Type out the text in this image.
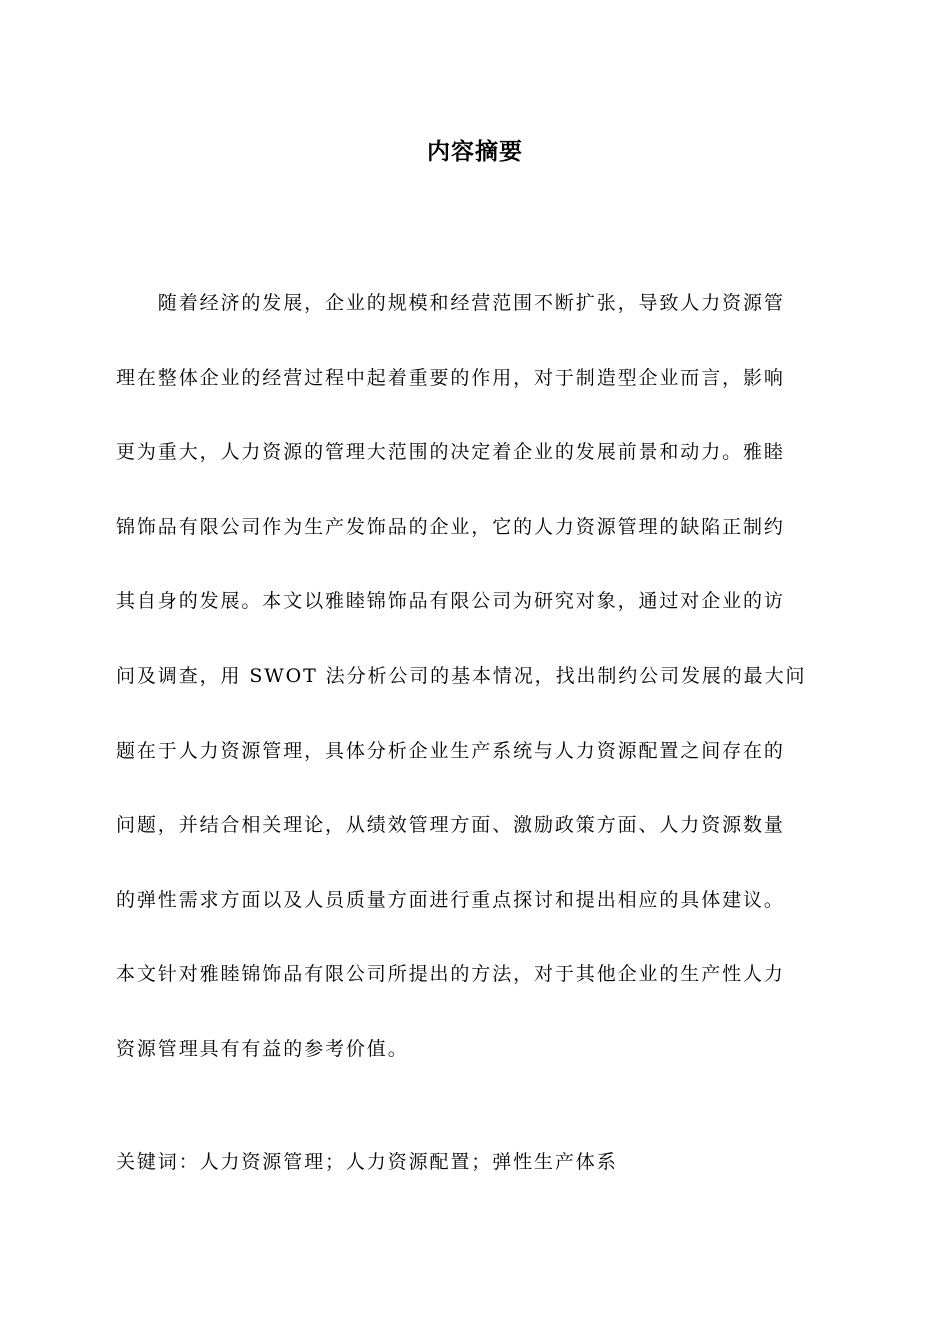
内容摘要
　　随着经济的发展，企业的规模和经营范围不断扩张，导致人力资源管
理在整体企业的经营过程中起着重要的作用，对于制造型企业而言，影响
更为重大，人力资源的管理大范围的决定着企业的发展前景和动力。雅睦
锦饰品有限公司作为生产发饰品的企业，它的人力资源管理的缺陷正制约
其自身的发展。本文以雅睦锦饰品有限公司为研究对象，通过对企业的访
问及调查，用 SWOT 法分析公司的基本情况，找出制约公司发展的最大问
题在于人力资源管理，具体分析企业生产系统与人力资源配置之间存在的
问题，并结合相关理论，从绩效管理方面、激励政策方面、人力资源数量
的弹性需求方面以及人员质量方面进行重点探讨和提出相应的具体建议。
本文针对雅睦锦饰品有限公司所提出的方法，对于其他企业的生产性人力
资源管理具有有益的参考价值。
关键词：人力资源管理；人力资源配置；弹性生产体系
